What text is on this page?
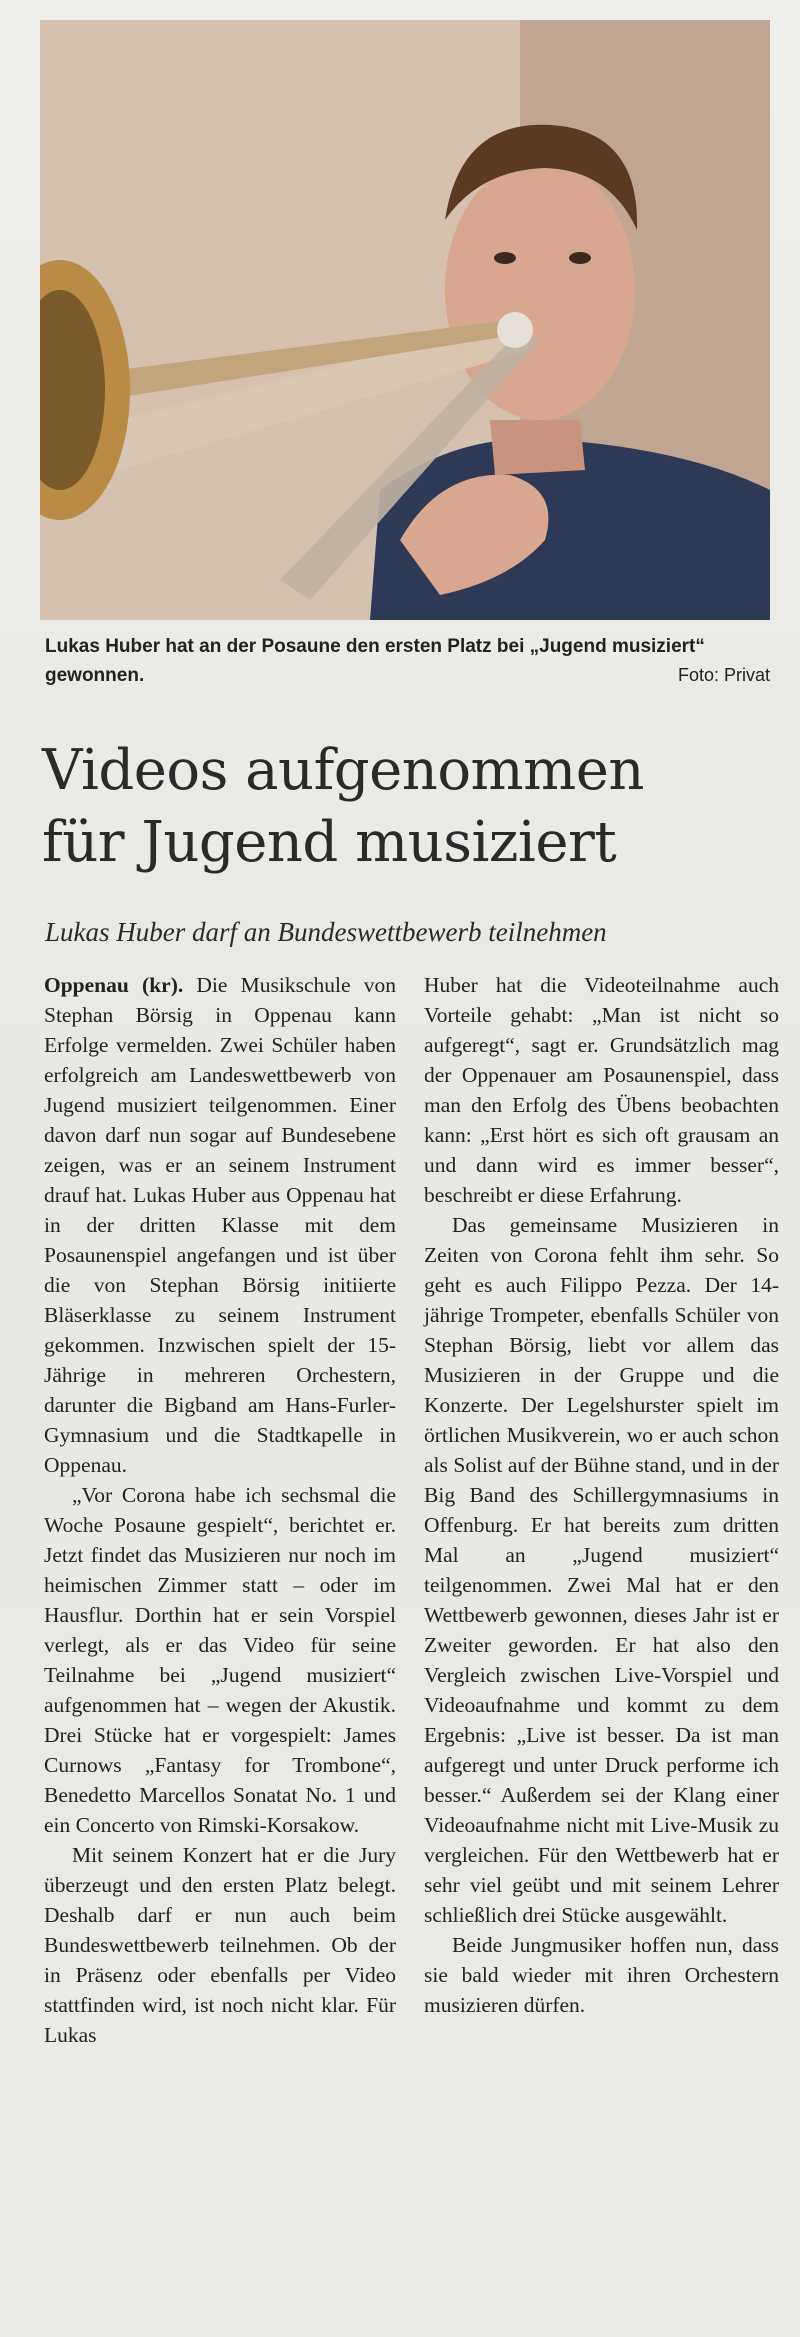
Lukas Huber hat an der Posaune den ersten Platz bei „Jugend musiziert“ gewonnen.	Foto: Privat
Videos aufgenommen
für Jugend musiziert
Lukas Huber darf an Bundeswettbewerb teilnehmen

Oppenau (kr). Die Musikschule von Stephan Börsig in Oppenau kann Erfolge vermelden. Zwei Schüler haben erfolgreich am Landeswettbewerb von Jugend musiziert teilgenommen. Einer davon darf nun sogar auf Bundesebene zeigen, was er an seinem Instrument drauf hat. Lukas Huber aus Oppenau hat in der dritten Klasse mit dem Posaunenspiel angefangen und ist über die von Stephan Börsig initiierte Bläserklasse zu seinem Instrument gekommen. Inzwischen spielt der 15-Jährige in mehreren Orchestern, darunter die Bigband am Hans-Furler-Gymnasium und die Stadtkapelle in Oppenau.

„Vor Corona habe ich sechsmal die Woche Posaune gespielt“, berichtet er. Jetzt findet das Musizieren nur noch im heimischen Zimmer statt – oder im Hausflur. Dorthin hat er sein Vorspiel verlegt, als er das Video für seine Teilnahme bei „Jugend musiziert“ aufgenommen hat – wegen der Akustik. Drei Stücke hat er vorgespielt: James Curnows „Fantasy for Trombone“, Benedetto Marcellos Sonatat No. 1 und ein Concerto von Rimski-Korsakow.

Mit seinem Konzert hat er die Jury überzeugt und den ersten Platz belegt. Deshalb darf er nun auch beim Bundeswettbewerb teilnehmen. Ob der in Präsenz oder ebenfalls per Video stattfinden wird, ist noch nicht klar. Für Lukas

Huber hat die Videoteilnahme auch Vorteile gehabt: „Man ist nicht so aufgeregt“, sagt er. Grundsätzlich mag der Oppenauer am Posaunenspiel, dass man den Erfolg des Übens beobachten kann: „Erst hört es sich oft grausam an und dann wird es immer besser“, beschreibt er diese Erfahrung.

Das gemeinsame Musizieren in Zeiten von Corona fehlt ihm sehr. So geht es auch Filippo Pezza. Der 14-jährige Trompeter, ebenfalls Schüler von Stephan Börsig, liebt vor allem das Musizieren in der Gruppe und die Konzerte. Der Legelshurster spielt im örtlichen Musikverein, wo er auch schon als Solist auf der Bühne stand, und in der Big Band des Schillergymnasiums in Offenburg. Er hat bereits zum dritten Mal an „Jugend musiziert“ teilgenommen. Zwei Mal hat er den Wettbewerb gewonnen, dieses Jahr ist er Zweiter geworden. Er hat also den Vergleich zwischen Live-Vorspiel und Videoaufnahme und kommt zu dem Ergebnis: „Live ist besser. Da ist man aufgeregt und unter Druck performe ich besser.“ Außerdem sei der Klang einer Videoaufnahme nicht mit Live-Musik zu vergleichen. Für den Wettbewerb hat er sehr viel geübt und mit seinem Lehrer schließlich drei Stücke ausgewählt.

Beide Jungmusiker hoffen nun, dass sie bald wieder mit ihren Orchestern musizieren dürfen.
